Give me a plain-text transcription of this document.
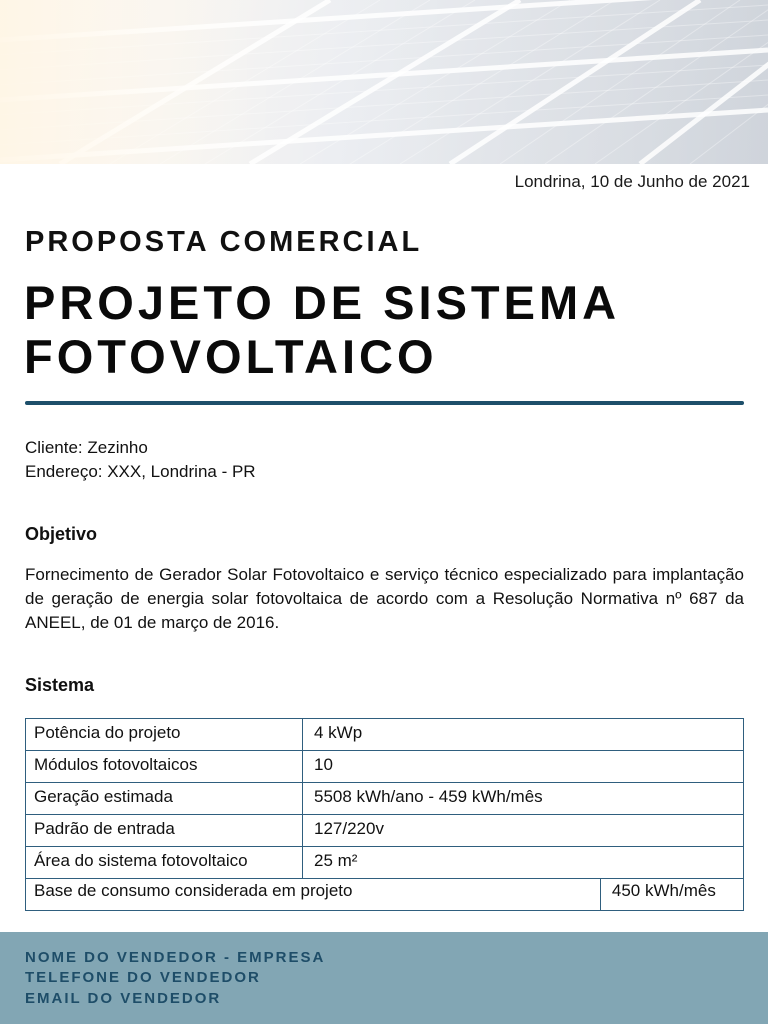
Londrina, 10 de Junho de 2021
PROPOSTA COMERCIAL
PROJETO DE SISTEMA
FOTOVOLTAICO
Cliente: Zezinho
Endereço: XXX, Londrina - PR
Objetivo
Fornecimento de Gerador Solar Fotovoltaico e serviço técnico especializado para implantação de geração de energia solar fotovoltaica de acordo com a Resolução Normativa nº 687 da ANEEL, de 01 de março de 2016.
Sistema
Potência do projeto	4 kWp	
Módulos fotovoltaicos	10	
Geração estimada	5508 kWh/ano - 459 kWh/mês	
Padrão de entrada	127/220v	
Área do sistema fotovoltaico	25 m²	
Base de consumo considerada em projeto		450 kWh/mês
NOME DO VENDEDOR - EMPRESA
TELEFONE DO VENDEDOR
EMAIL DO VENDEDOR
